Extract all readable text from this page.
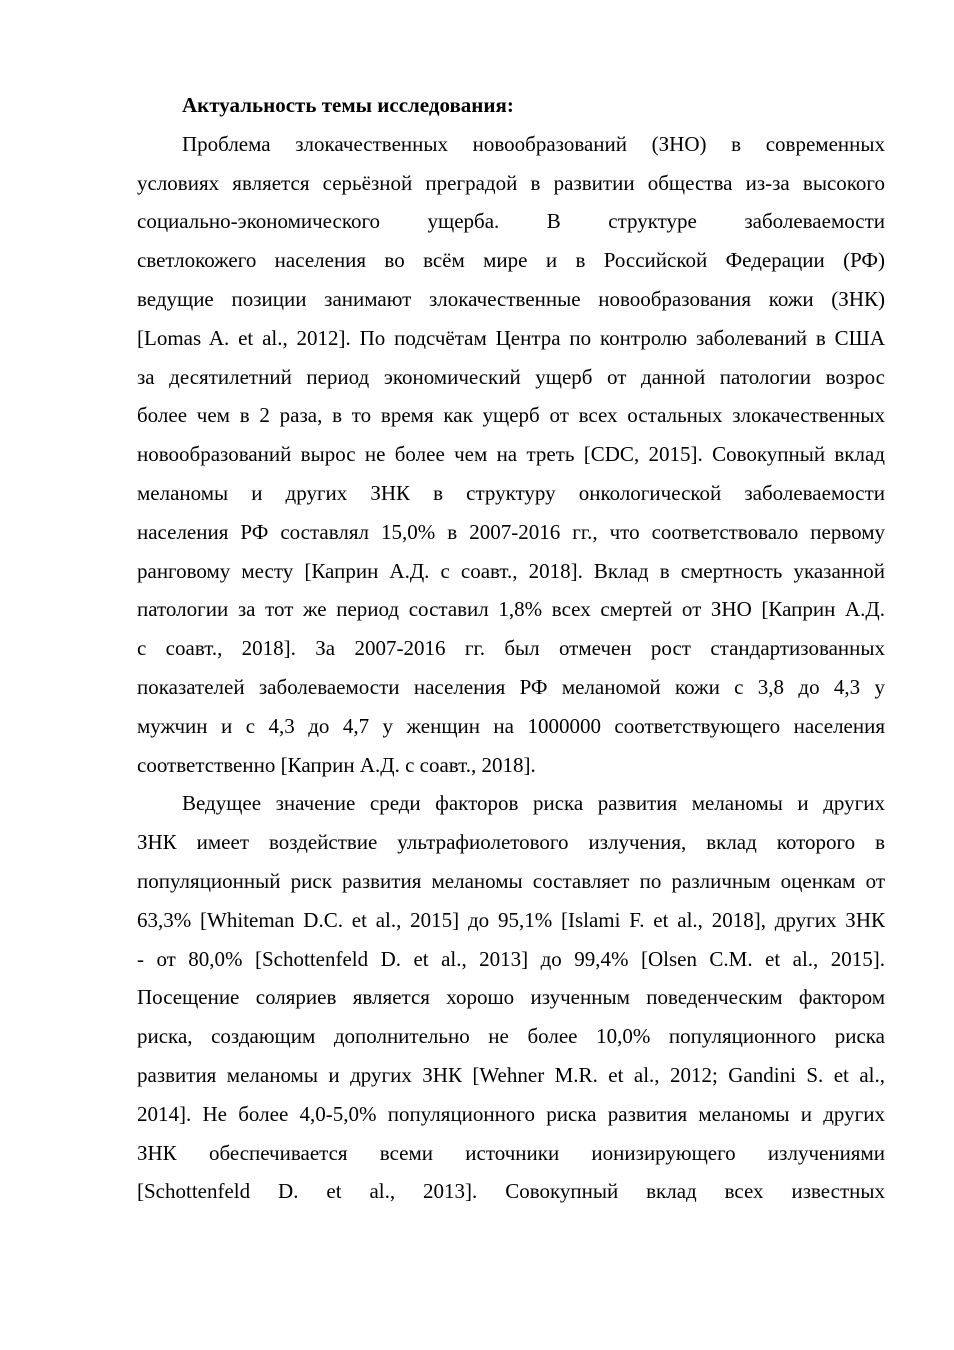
Актуальность темы исследования:
Проблема злокачественных новообразований (ЗНО) в современных
условиях является серьёзной преградой в развитии общества из-за высокого
социально-экономического ущерба. В структуре заболеваемости
светлокожего населения во всём мире и в Российской Федерации (РФ)
ведущие позиции занимают злокачественные новообразования кожи (ЗНК)
[Lomas A. et al., 2012]. По подсчётам Центра по контролю заболеваний в США
за десятилетний период экономический ущерб от данной патологии возрос
более чем в 2 раза, в то время как ущерб от всех остальных злокачественных
новообразований вырос не более чем на треть [CDC, 2015]. Совокупный вклад
меланомы и других ЗНК в структуру онкологической заболеваемости
населения РФ составлял 15,0% в 2007-2016 гг., что соответствовало первому
ранговому месту [Каприн А.Д. с соавт., 2018]. Вклад в смертность указанной
патологии за тот же период составил 1,8% всех смертей от ЗНО [Каприн А.Д.
с соавт., 2018]. За 2007-2016 гг. был отмечен рост стандартизованных
показателей заболеваемости населения РФ меланомой кожи с 3,8 до 4,3 у
мужчин и с 4,3 до 4,7 у женщин на 1000000 соответствующего населения
соответственно [Каприн А.Д. с соавт., 2018].
Ведущее значение среди факторов риска развития меланомы и других
ЗНК имеет воздействие ультрафиолетового излучения, вклад которого в
популяционный риск развития меланомы составляет по различным оценкам от
63,3% [Whiteman D.C. et al., 2015] до 95,1% [Islami F. et al., 2018], других ЗНК
- от 80,0% [Schottenfeld D. et al., 2013] до 99,4% [Olsen C.M. et al., 2015].
Посещение соляриев является хорошо изученным поведенческим фактором
риска, создающим дополнительно не более 10,0% популяционного риска
развития меланомы и других ЗНК [Wehner M.R. et al., 2012; Gandini S. et al.,
2014]. Не более 4,0-5,0% популяционного риска развития меланомы и других
ЗНК обеспечивается всеми источники ионизирующего излучениями
[Schottenfeld D. et al., 2013]. Совокупный вклад всех известных
